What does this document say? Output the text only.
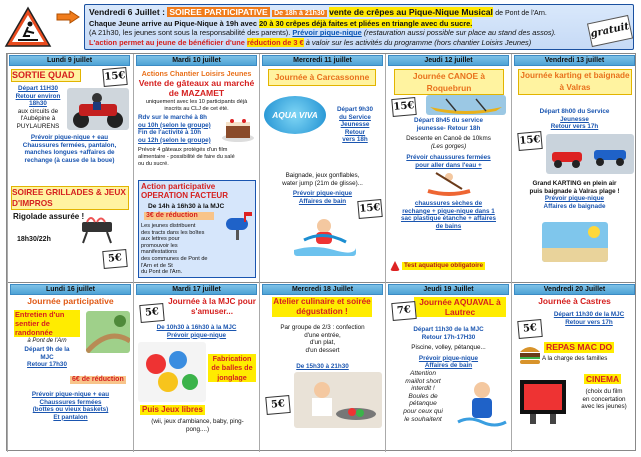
Vendredi 6 Juillet : SOIREE PARTICIPATIVE De 18h à 21h30 vente de crêpes au Pique-Nique Musical de Pont de l'Arn.
Chaque Jeune arrive au Pique-Nique à 19h avec 20 à 30 crêpes déjà faites et pliées en triangle avec du sucre.
(A 21h30, les jeunes sont sous la responsabilité des parents). Prévoir pique-nique (restauration aussi possible sur place au stand des assos).
L'action permet au jeune de bénéficier d'une réduction de 3 € à valoir sur les activités du programme (hors chantier Loisirs Jeunes)
gratuit
Lundi 9 juillet
SORTIE QUAD	15€
Départ 11H30
Retour environ
18h30
aux circuits de
l'Aubépine à
PUYLAURENS
Prévoir pique-nique + eau
Chaussures fermées, pantalon,
manches longues +affaires de
rechange (à cause de la boue)
SOIREE GRILLADES & JEUX D'IMPROS
Rigolade assurée !
18h30/22h
5€
Mardi 10 juillet
Actions Chantier Loisirs Jeunes
Vente de gâteaux au marché de MAZAMET
uniquement avec les 10 participants déjà
inscrits au CLJ de cet été.
Rdv sur le marché à 8h
ou 10h (selon le groupe)
Fin de l'activité à 10h
ou 12h (selon le groupe)
Prévoir 4 gâteaux protégés d'un film
alimentaire - possibilité de faire du salé
ou du sucré.
Action participative OPERATION FACTEUR
De 14h à 16h30 à la MJC
3€ de réduction
Les jeunes distribuent
des tracts dans les boîtes
aux lettres pour
promouvoir les
manifestations
des communes de Pont de l'Arn et de St
du Pont de l'Arn.
Mercredi 11 juillet
Journée à Carcassonne
AQUA VIVA	Départ 9h30
du Service
Jeunesse
Retour
vers 18h
Baignade, jeux gonflables,
water jump (21m de glisse)...
Prévoir pique-nique
Affaires de bain
15€
Jeudi 12 juillet
Journée CANOE à Roquebrun
15€
Départ 8h45 du service
jeunesse- Retour 18h
Descente en Canoë de 10kms
(Les gorges)
Prévoir chaussures fermées
pour aller dans l'eau +
chaussures sèches de
rechange + pique-nique dans 1
sac plastique étanche + affaires
de bains
Test aquatique obligatoire
Vendredi 13 juillet
Journée karting et baignade à Valras
Départ 8h00 du Service
Jeunesse
Retour vers 17h
15€
Grand KARTING en plein air
puis baignade à Valras plage !
Prévoir pique-nique
Affaires de baignade
Lundi 16 juillet
Journée participative
Entretien d'un
sentier de
randonnée
à Pont de l'Arn
Départ 9h de la
MJC
Retour 17h30
6€ de réduction
Prévoir pique-nique + eau
Chaussures fermées
(bottes ou vieux baskets)
Et pantalon
Mardi 17 juillet
5€
Journée à la MJC pour s'amuser...
De 10h30 à 16h30 à la MJC
Prévoir pique-nique
Fabrication de balles de jonglage
Puis Jeux libres
(wii, jeux d'ambiance, baby, ping-
pong....)
Mercredi 18 Juillet
Atelier culinaire et soirée dégustation !
Par groupe de 2/3 : confection
d'une entrée,
d'un plat,
d'un dessert
De 15h30 à 21h30
5€
Jeudi 19 Juillet
Journée AQUAVAL à Lautrec
7€
Départ 11h30 de la MJC
Retour 17h-17H30
Piscine, volley, pétanque...
Prévoir pique-nique
Affaires de bain
Attention
maillot short
interdit !
Boules de
pétanque
pour ceux qui
le souhaitent
Vendredi 20 Juillet
Journée à Castres
5€
Départ 11h30 de la MJC
Retour vers 17h
REPAS MAC DO
A la charge des familles
CINEMA
(choix du film
en concertation
avec les jeunes)
